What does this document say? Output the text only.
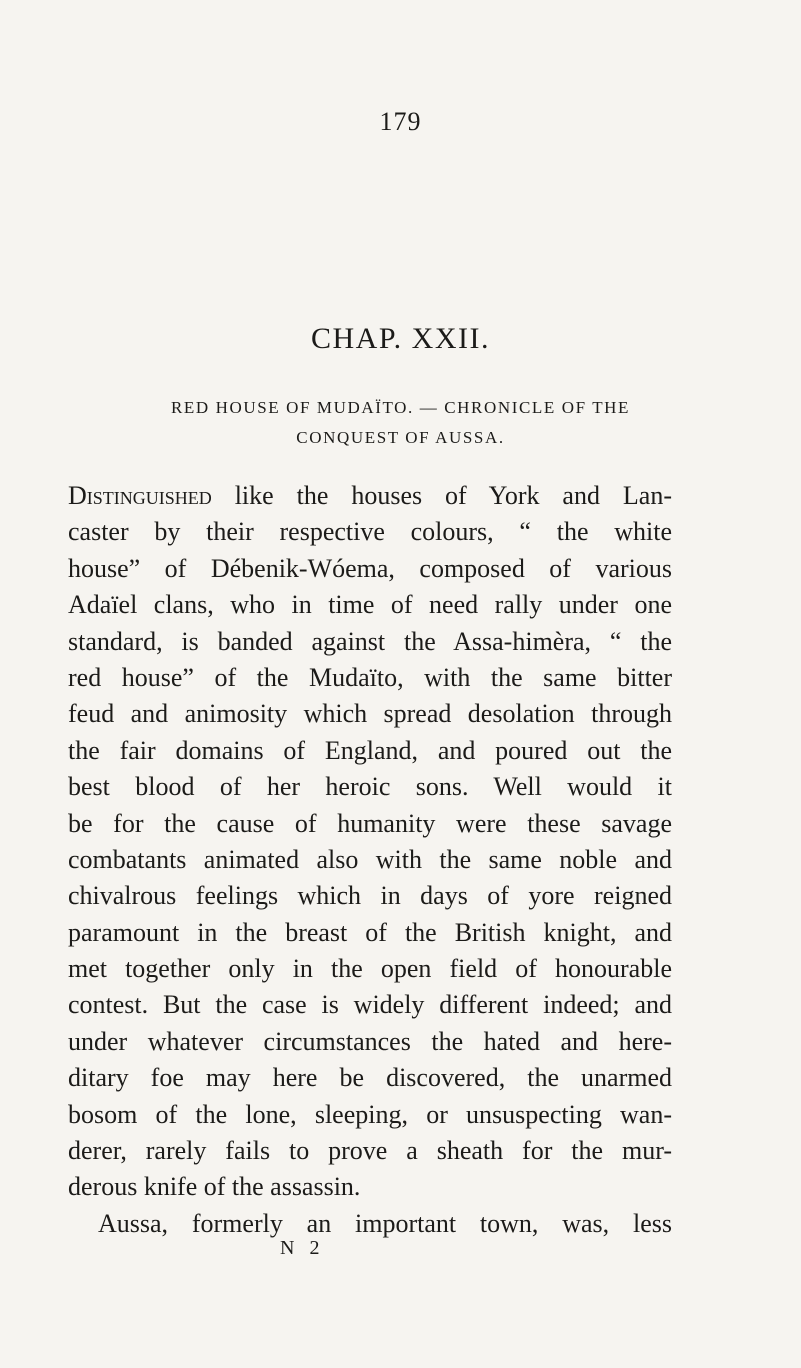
179
CHAP. XXII.
RED HOUSE OF MUDAÏTO. — CHRONICLE OF THE
CONQUEST OF AUSSA.
Distinguished like the houses of York and Lan-
caster by their respective colours, “ the white
house” of Débenik-Wóema, composed of various
Adaïel clans, who in time of need rally under one
standard, is banded against the Assa-himèra, “ the
red house” of the Mudaïto, with the same bitter
feud and animosity which spread desolation through
the fair domains of England, and poured out the
best blood of her heroic sons. Well would it
be for the cause of humanity were these savage
combatants animated also with the same noble and
chivalrous feelings which in days of yore reigned
paramount in the breast of the British knight, and
met together only in the open field of honourable
contest. But the case is widely different indeed; and
under whatever circumstances the hated and here-
ditary foe may here be discovered, the unarmed
bosom of the lone, sleeping, or unsuspecting wan-
derer, rarely fails to prove a sheath for the mur-
derous knife of the assassin.
Aussa, formerly an important town, was, less
N 2
